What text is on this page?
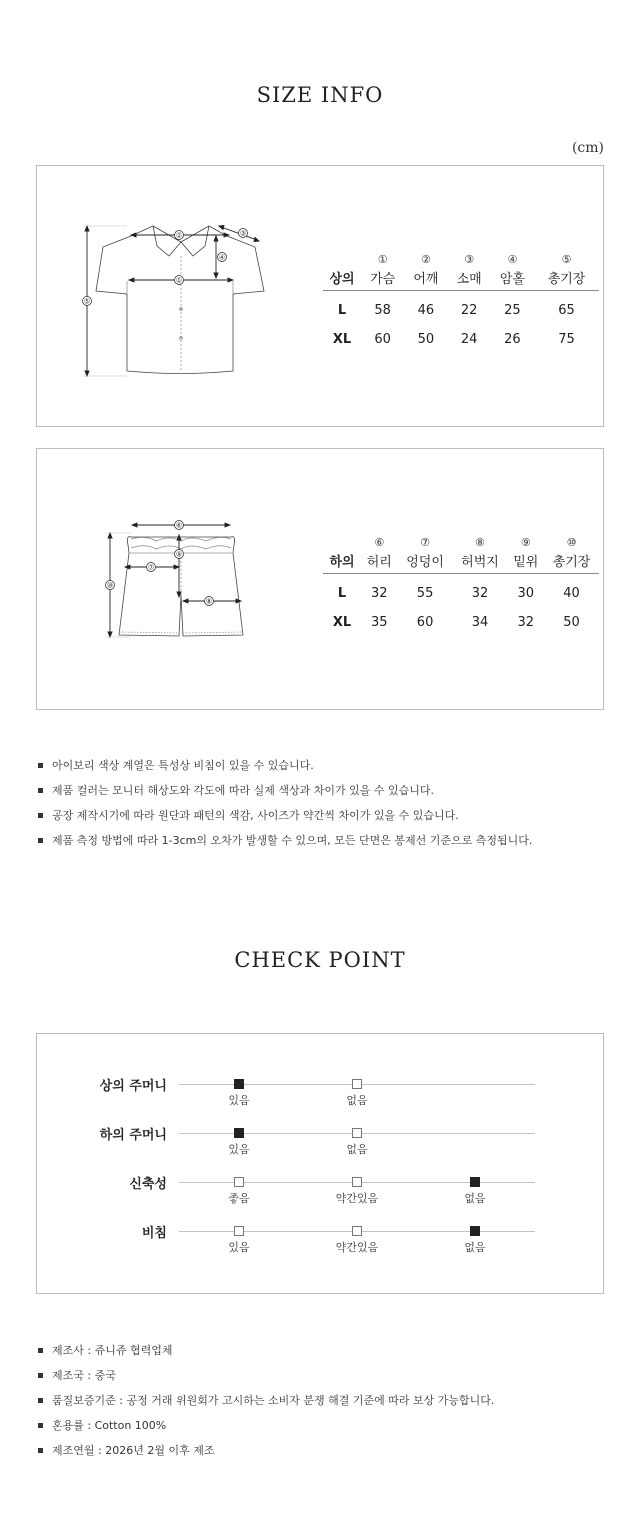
SIZE INFO
(cm)
①
②	③
④
⑤
	①	②	③	④	⑤
상의	가슴	어깨	소매	암홀	총기장
L	58	46	22	25	65
XL	60	50	24	26	75
⑥
⑦
⑧
⑨
⑩
	⑥	⑦	⑧	⑨	⑩
하의	허리	엉덩이	허벅지	밑위	총기장
L	32	55	32	30	40
XL	35	60	34	32	50
아이보리 색상 계열은 특성상 비침이 있을 수 있습니다.
제품 컬러는 모니터 해상도와 각도에 따라 실제 색상과 차이가 있을 수 있습니다.
공장 제작시기에 따라 원단과 패턴의 색감, 사이즈가 약간씩 차이가 있을 수 있습니다.
제품 측정 방법에 따라 1-3cm의 오차가 발생할 수 있으며, 모든 단면은 봉제선 기준으로 측정됩니다.
CHECK POINT
상의 주머니
있음	없음
하의 주머니
있음	없음
신축성
좋음	약간있음	없음
비침
있음	약간있음	없음
제조사 : 쥬니쥬 협력업체
제조국 : 중국
품질보증기준 : 공정 거래 위원회가 고시하는 소비자 분쟁 해결 기준에 따라 보상 가능합니다.
혼용률 : Cotton 100%
제조연월 : 2026년 2월 이후 제조
